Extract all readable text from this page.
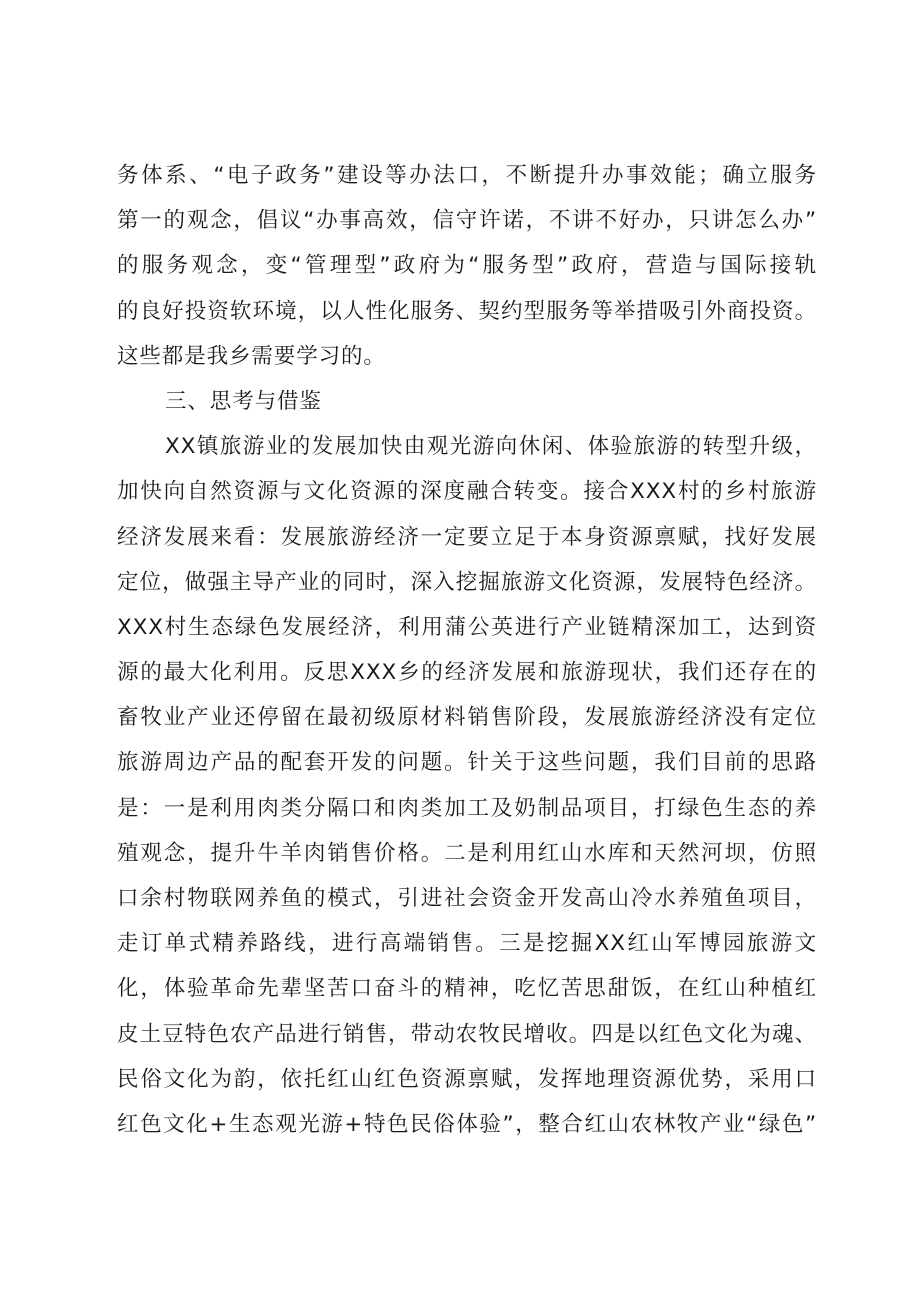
务体系、“电子政务”建设等办法口，不断提升办事效能；确立服务
第一的观念，倡议“办事高效，信守许诺，不讲不好办，只讲怎么办”
的服务观念，变“管理型”政府为“服务型”政府，营造与国际接轨
的良好投资软环境，以人性化服务、契约型服务等举措吸引外商投资。
这些都是我乡需要学习的。
三、思考与借鉴
XX镇旅游业的发展加快由观光游向休闲、体验旅游的转型升级，
加快向自然资源与文化资源的深度融合转变。接合XXX村的乡村旅游
经济发展来看：发展旅游经济一定要立足于本身资源禀赋，找好发展
定位，做强主导产业的同时，深入挖掘旅游文化资源，发展特色经济。
XXX村生态绿色发展经济，利用蒲公英进行产业链精深加工，达到资
源的最大化利用。反思XXX乡的经济发展和旅游现状，我们还存在的
畜牧业产业还停留在最初级原材料销售阶段，发展旅游经济没有定位
旅游周边产品的配套开发的问题。针关于这些问题，我们目前的思路
是：一是利用肉类分隔口和肉类加工及奶制品项目，打绿色生态的养
殖观念，提升牛羊肉销售价格。二是利用红山水库和天然河坝，仿照
口余村物联网养鱼的模式，引进社会资金开发高山冷水养殖鱼项目，
走订单式精养路线，进行高端销售。三是挖掘XX红山军博园旅游文
化，体验革命先辈坚苦口奋斗的精神，吃忆苦思甜饭，在红山种植红
皮土豆特色农产品进行销售，带动农牧民增收。四是以红色文化为魂、
民俗文化为韵，依托红山红色资源禀赋，发挥地理资源优势，采用口
红色文化+生态观光游+特色民俗体验”，整合红山农林牧产业“绿色”
